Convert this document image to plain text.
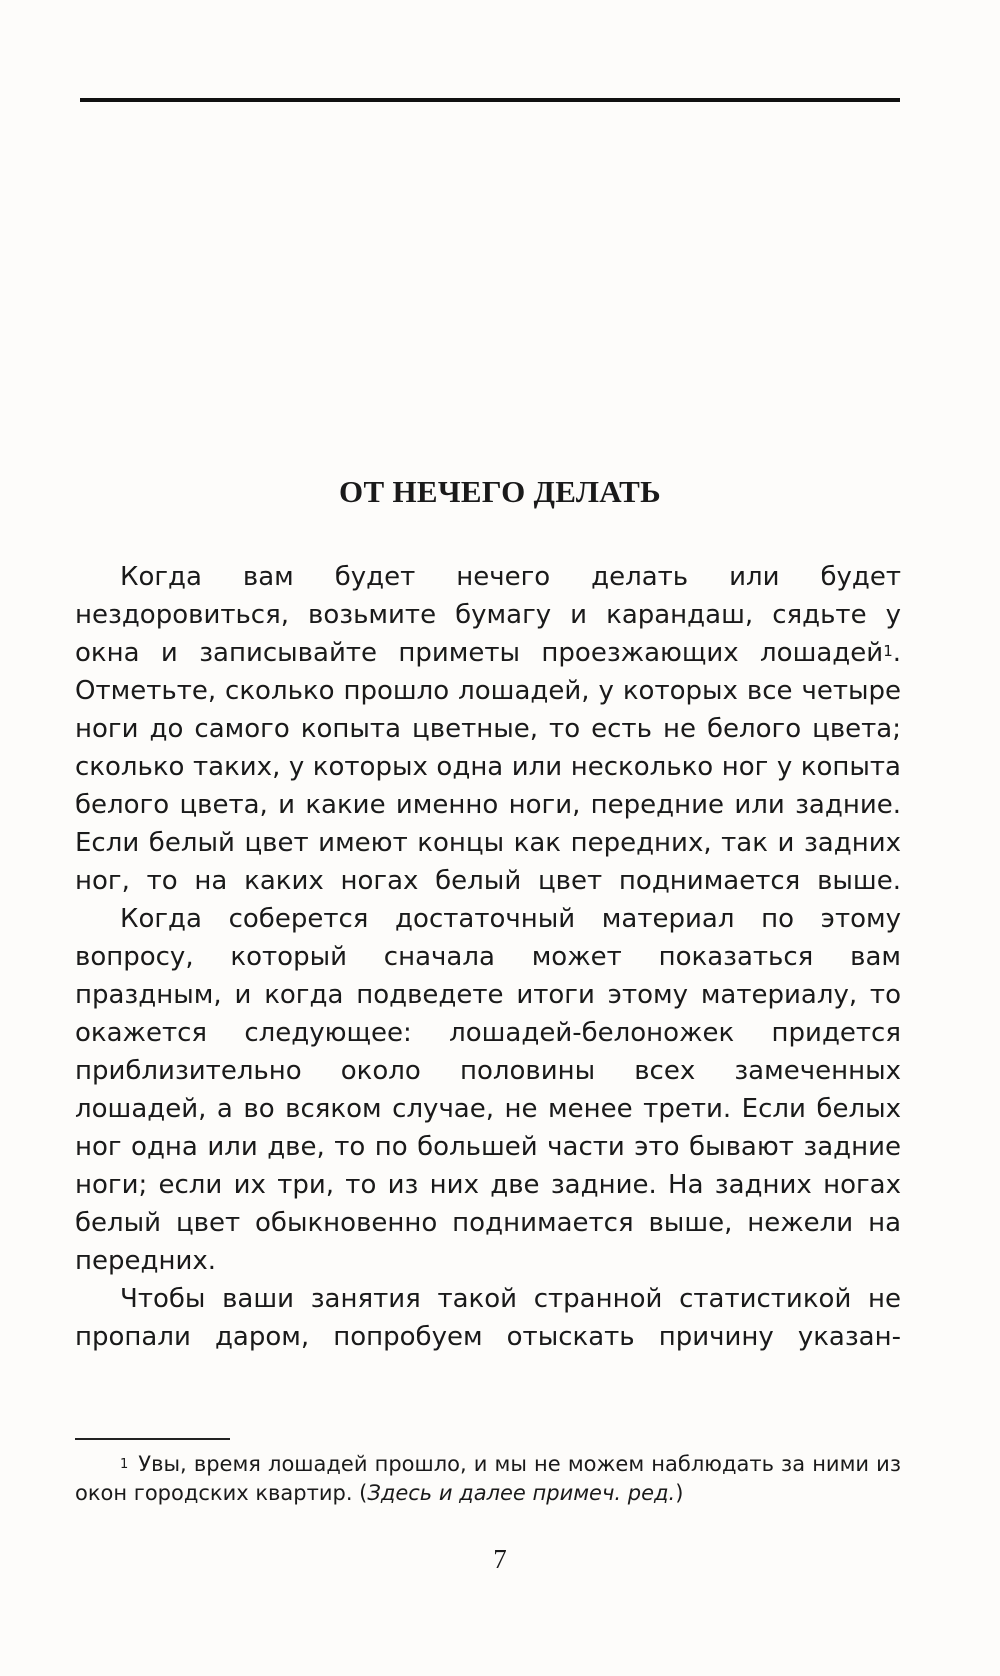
ОТ НЕЧЕГО ДЕЛАТЬ

Когда вам будет нечего делать или будет нездоровиться, возьмите бумагу и карандаш, сядьте у окна и записывайте приметы проезжающих лошадей$^1$. Отметьте, сколько прошло лошадей, у которых все четыре ноги до самого копыта цветные, то есть не белого цвета; сколько таких, у которых одна или несколько ног у копыта белого цвета, и какие именно ноги, передние или задние. Если белый цвет имеют концы как передних, так и задних ног, то на каких ногах белый цвет поднимается выше.

Когда соберется достаточный материал по этому вопросу, который сначала может показаться вам праздным, и когда подведете итоги этому материалу, то окажется следующее: лошадей-белоножек придется приблизительно около половины всех замеченных лошадей, а во всяком случае, не менее трети. Если белых ног одна или две, то по большей части это бывают задние ноги; если их три, то из них две задние. На задних ногах белый цвет обыкновенно поднимается выше, нежели на передних.

Чтобы ваши занятия такой странной статистикой не пропали даром, попробуем отыскать причину указан-

$^1$ Увы, время лошадей прошло, и мы не можем наблюдать за ними из окон городских квартир. (Здесь и далее примеч. ред.)
7
